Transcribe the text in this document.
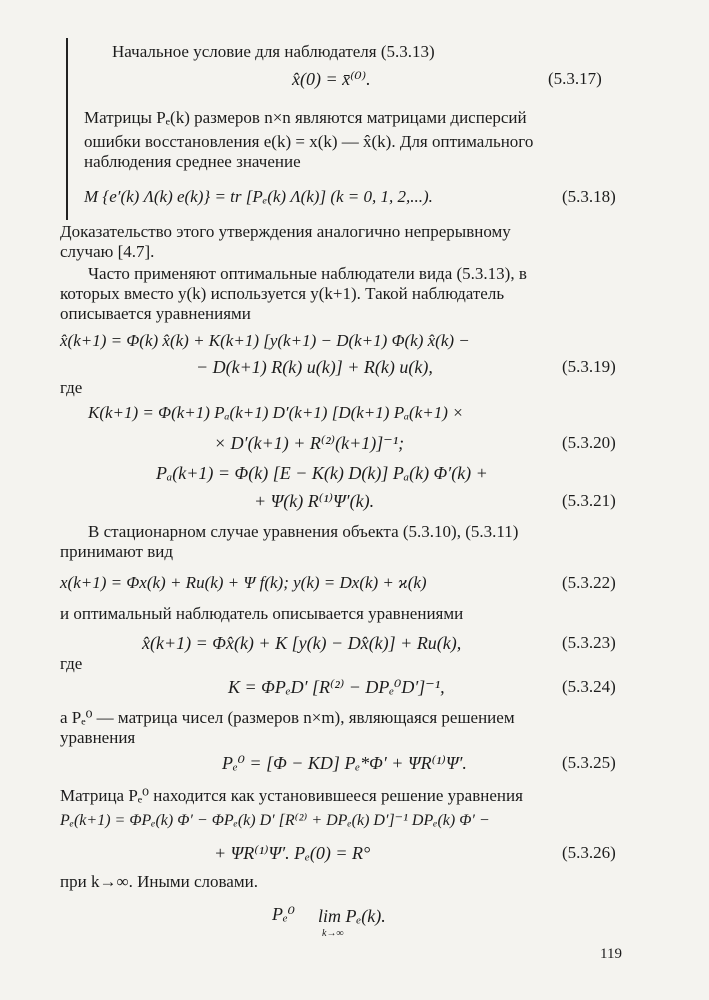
Начальное условие для наблюдателя (5.3.13)
Матрицы Pₑ(k) размеров n×n являются матрицами дисперсий
ошибки восстановления e(k) = x(k) — x̂(k). Для оптимального
наблюдения среднее значение
Доказательство этого утверждения аналогично непрерывному
случаю [4.7].
Часто применяют оптимальные наблюдатели вида (5.3.13), в
которых вместо y(k) используется y(k+1). Такой наблюдатель
описывается уравнениями
где
В стационарном случае уравнения объекта (5.3.10), (5.3.11)
принимают вид
и оптимальный наблюдатель описывается уравнениями
где
а Pₑ⁰ — матрица чисел (размеров n×m), являющаяся решением
уравнения
Матрица Pₑ⁰ находится как установившееся решение уравнения
при k→∞. Иными словами.
x̂(0) = x̄⁽⁰⁾.
M {e′(k) Λ(k) e(k)} = tr [Pₑ(k) Λ(k)] (k = 0, 1, 2,...).
x̂(k+1) = Φ(k) x̂(k) + K(k+1) [y(k+1) − D(k+1) Φ(k) x̂(k) −
− D(k+1) R(k) u(k)] + R(k) u(k),
K(k+1) = Φ(k+1) Pₐ(k+1) D′(k+1) [D(k+1) Pₐ(k+1) ×
× D′(k+1) + R⁽²⁾(k+1)]⁻¹;
Pₐ(k+1) = Φ(k) [E − K(k) D(k)] Pₐ(k) Φ′(k) +
+ Ψ(k) R⁽¹⁾Ψ′(k).
x(k+1) = Φx(k) + Ru(k) + Ψ f(k); y(k) = Dx(k) + ϰ(k)
x̂(k+1) = Φx̂(k) + K [y(k) − Dx̂(k)] + Ru(k),
K = ΦPₑD′ [R⁽²⁾ − DPₑ⁰D′]⁻¹,
Pₑ⁰ = [Φ − KD] Pₑ*Φ′ + ΨR⁽¹⁾Ψ′.
Pₑ(k+1) = ΦPₑ(k) Φ′ − ΦPₑ(k) D′ [R⁽²⁾ + DPₑ(k) D′]⁻¹ DPₑ(k) Φ′ −
+ ΨR⁽¹⁾Ψ′. Pₑ(0) = R°
Pₑ⁰ lim Pₑ(k).
k→∞
(5.3.17)
(5.3.18)
(5.3.19)
(5.3.20)
(5.3.21)
(5.3.22)
(5.3.23)
(5.3.24)
(5.3.25)
(5.3.26)
119
